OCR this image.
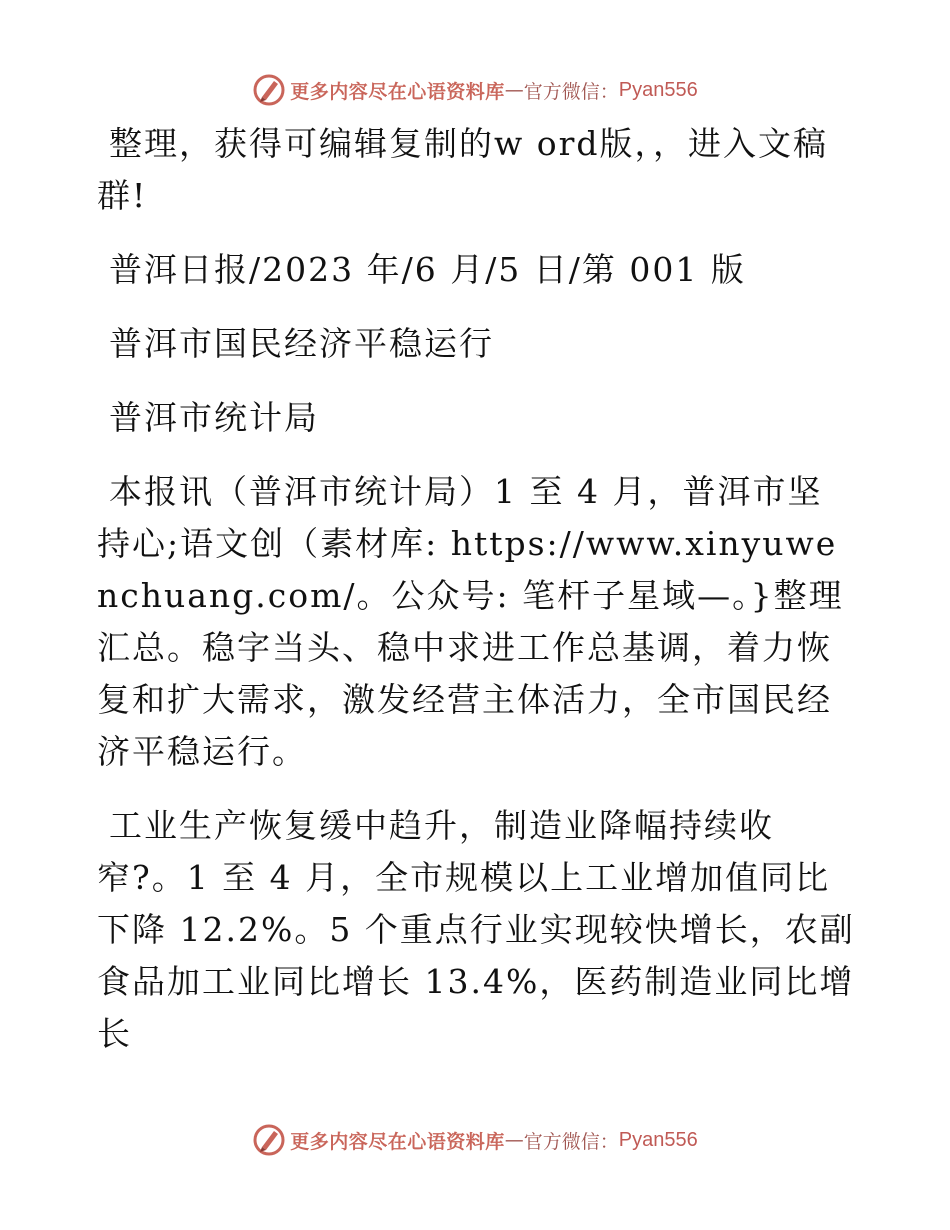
更多内容尽在心语资料库 — 官方微信： Pyan556

整理，获得可编辑复制的w ord版，，进入文稿群!

普洱日报/2023 年/6 月/5 日/第 001 版

普洱市国民经济平稳运行

普洱市统计局

本报讯（普洱市统计局）1 至 4 月，普洱市坚持心;语文创（素材库: https://www.xinyuwenchuang.com/。公众号: 笔杆子星域—。}整理汇总。稳字当头、稳中求进工作总基调，着力恢复和扩大需求，激发经营主体活力，全市国民经济平稳运行。

工业生产恢复缓中趋升，制造业降幅持续收窄?。1 至 4 月，全市规模以上工业增加值同比下降 12.2%。5 个重点行业实现较快增长，农副食品加工业同比增长 13.4%，医药制造业同比增长

更多内容尽在心语资料库 — 官方微信： Pyan556
